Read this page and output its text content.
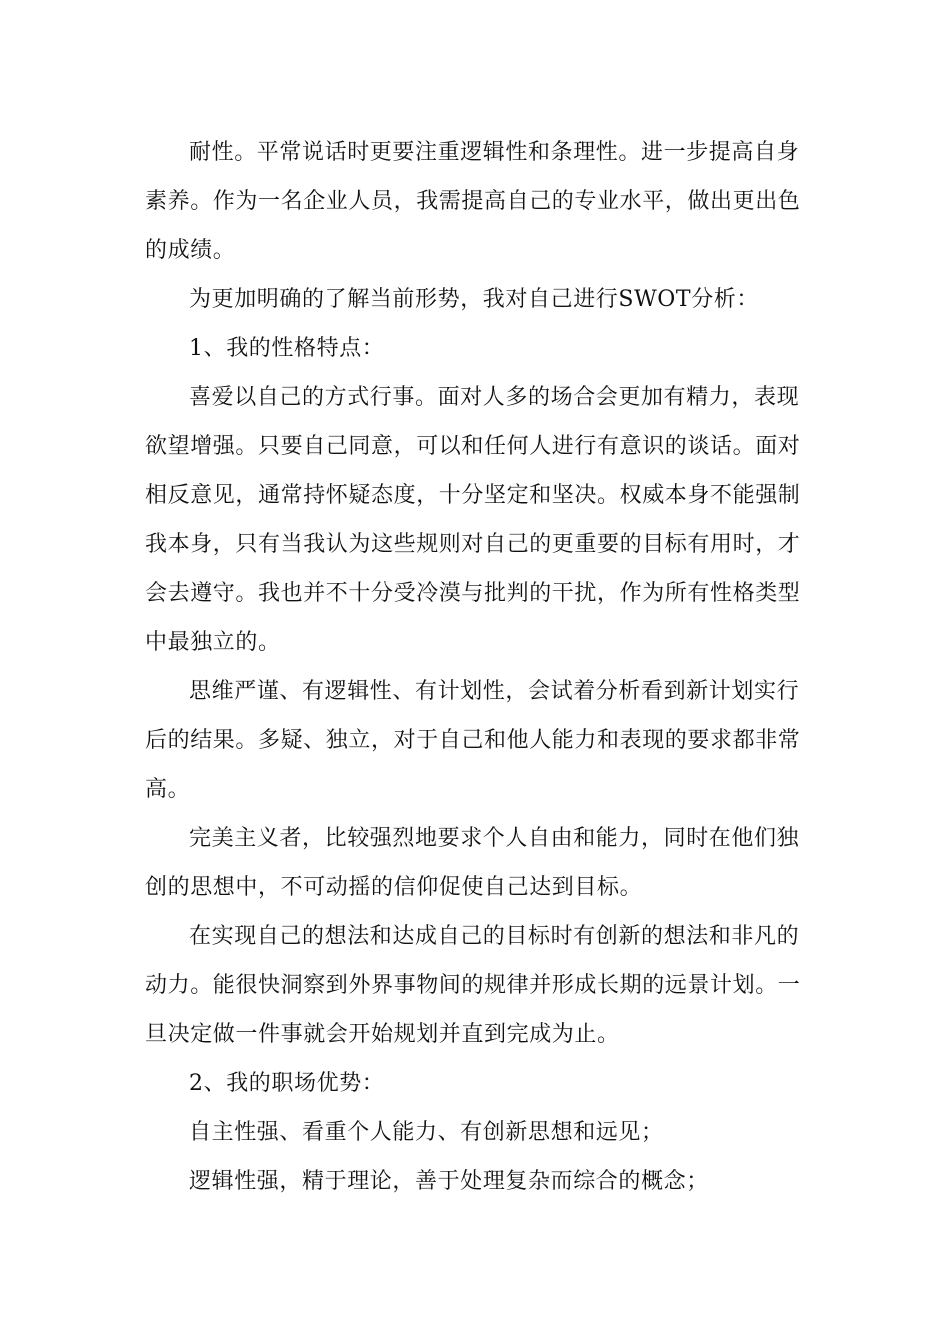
耐性。平常说话时更要注重逻辑性和条理性。进一步提高自身
素养。作为一名企业人员，我需提高自己的专业水平，做出更出色
的成绩。
为更加明确的了解当前形势，我对自己进行SWOT分析：
1、我的性格特点：
喜爱以自己的方式行事。面对人多的场合会更加有精力，表现
欲望增强。只要自己同意，可以和任何人进行有意识的谈话。面对
相反意见，通常持怀疑态度，十分坚定和坚决。权威本身不能强制
我本身，只有当我认为这些规则对自己的更重要的目标有用时，才
会去遵守。我也并不十分受冷漠与批判的干扰，作为所有性格类型
中最独立的。
思维严谨、有逻辑性、有计划性，会试着分析看到新计划实行
后的结果。多疑、独立，对于自己和他人能力和表现的要求都非常
高。
完美主义者，比较强烈地要求个人自由和能力，同时在他们独
创的思想中，不可动摇的信仰促使自己达到目标。
在实现自己的想法和达成自己的目标时有创新的想法和非凡的
动力。能很快洞察到外界事物间的规律并形成长期的远景计划。一
旦决定做一件事就会开始规划并直到完成为止。
2、我的职场优势：
自主性强、看重个人能力、有创新思想和远见；
逻辑性强，精于理论，善于处理复杂而综合的概念；
